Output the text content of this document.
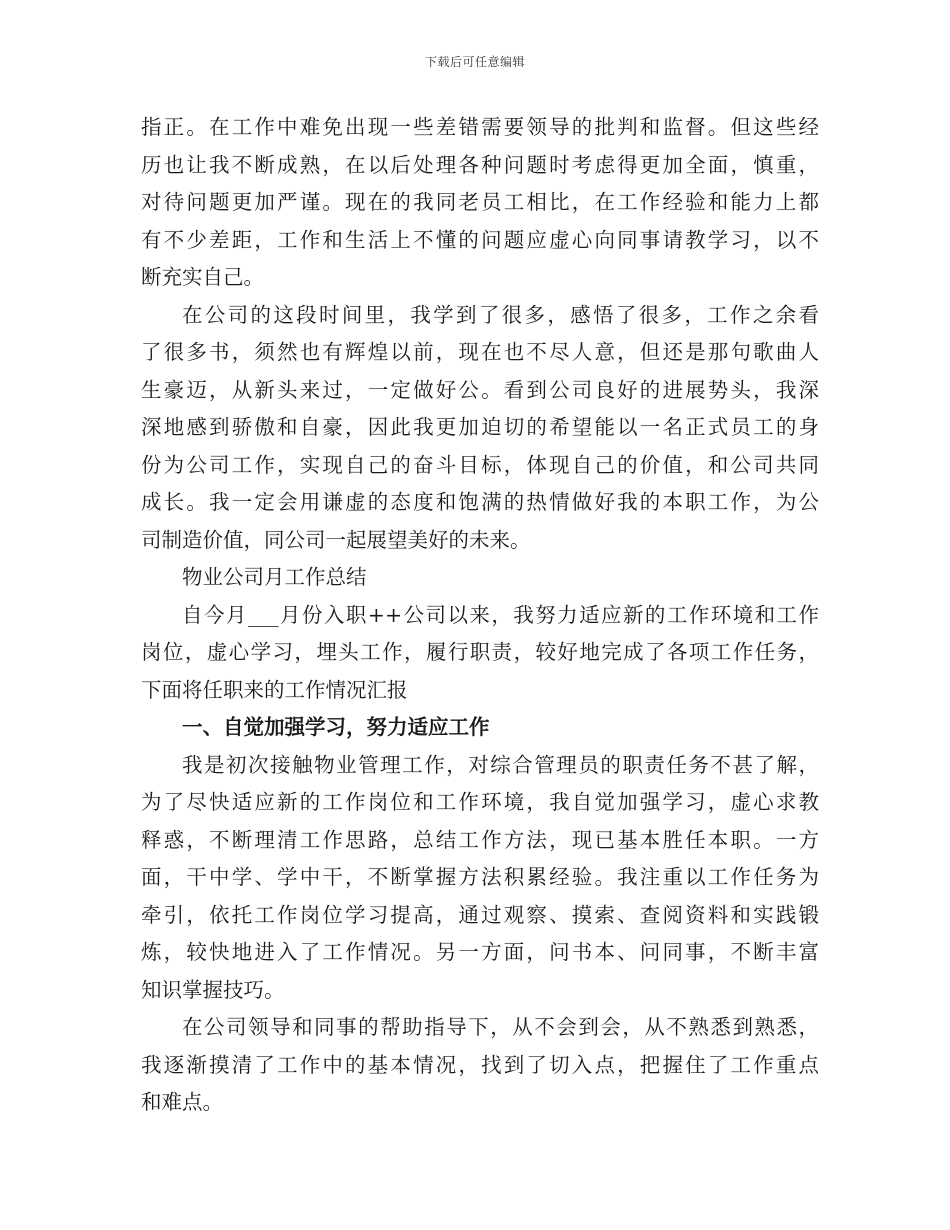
下载后可任意编辑
指正。在工作中难免出现一些差错需要领导的批判和监督。但这些经
历也让我不断成熟，在以后处理各种问题时考虑得更加全面，慎重，
对待问题更加严谨。现在的我同老员工相比，在工作经验和能力上都
有不少差距，工作和生活上不懂的问题应虚心向同事请教学习，以不
断充实自己。
在公司的这段时间里，我学到了很多，感悟了很多，工作之余看
了很多书，须然也有辉煌以前，现在也不尽人意，但还是那句歌曲人
生豪迈，从新头来过，一定做好公。看到公司良好的进展势头，我深
深地感到骄傲和自豪，因此我更加迫切的希望能以一名正式员工的身
份为公司工作，实现自己的奋斗目标，体现自己的价值，和公司共同
成长。我一定会用谦虚的态度和饱满的热情做好我的本职工作，为公
司制造价值，同公司一起展望美好的未来。
物业公司月工作总结
自今月___月份入职++公司以来，我努力适应新的工作环境和工作
岗位，虚心学习，埋头工作，履行职责，较好地完成了各项工作任务，
下面将任职来的工作情况汇报
一、自觉加强学习，努力适应工作
我是初次接触物业管理工作，对综合管理员的职责任务不甚了解，
为了尽快适应新的工作岗位和工作环境，我自觉加强学习，虚心求教
释惑，不断理清工作思路，总结工作方法，现已基本胜任本职。一方
面，干中学、学中干，不断掌握方法积累经验。我注重以工作任务为
牵引，依托工作岗位学习提高，通过观察、摸索、查阅资料和实践锻
炼，较快地进入了工作情况。另一方面，问书本、问同事，不断丰富
知识掌握技巧。
在公司领导和同事的帮助指导下，从不会到会，从不熟悉到熟悉，
我逐渐摸清了工作中的基本情况，找到了切入点，把握住了工作重点
和难点。
